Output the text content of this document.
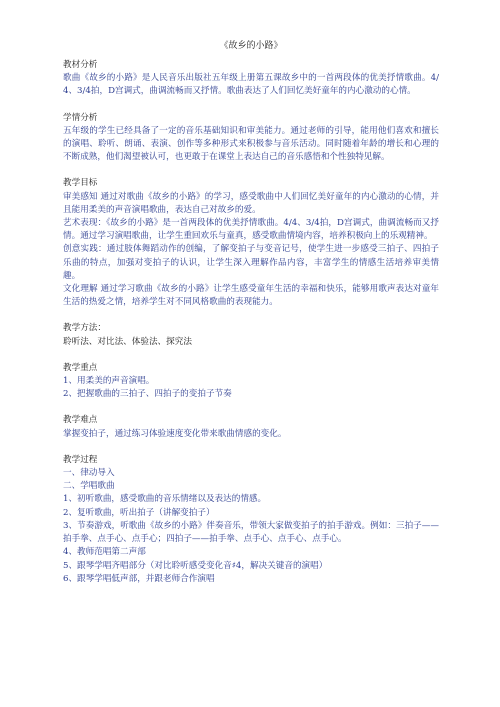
《故乡的小路》

教材分析

歌曲《故乡的小路》是人民音乐出版社五年级上册第五课故乡中的一首两段体的优美抒情歌曲。4/4、3/4拍，D宫调式，曲调流畅而又抒情。歌曲表达了人们回忆美好童年的内心激动的心情。

学情分析

五年级的学生已经具备了一定的音乐基础知识和审美能力。通过老师的引导，能用他们喜欢和擅长的演唱、聆听、朗诵、表演、创作等多种形式来积极参与音乐活动。同时随着年龄的增长和心理的不断成熟，他们渴望被认可，也更敢于在课堂上表达自己的音乐感悟和个性独特见解。

教学目标

审美感知 通过对歌曲《故乡的小路》的学习，感受歌曲中人们回忆美好童年的内心激动的心情，并且能用柔美的声音演唱歌曲，表达自己对故乡的爱。

艺术表现：《故乡的小路》是一首两段体的优美抒情歌曲。4/4、3/4拍，D宫调式，曲调流畅而又抒情。通过学习演唱歌曲，让学生重回欢乐与童真，感受歌曲情境内容，培养积极向上的乐观精神。

创意实践：通过肢体舞蹈动作的创编，了解变拍子与变音记号，使学生进一步感受三拍子、四拍子乐曲的特点，加强对变拍子的认识，让学生深入理解作品内容，丰富学生的情感生活培养审美情趣。

文化理解 通过学习歌曲《故乡的小路》让学生感受童年生活的幸福和快乐，能够用歌声表达对童年生活的热爱之情，培养学生对不同风格歌曲的表现能力。

教学方法：

聆听法、对比法、体验法、探究法

教学重点

1、用柔美的声音演唱。

2、把握歌曲的三拍子、四拍子的变拍子节奏

教学难点

掌握变拍子，通过练习体验速度变化带来歌曲情感的变化。

教学过程

一、律动导入

二、学唱歌曲

1、初听歌曲，感受歌曲的音乐情绪以及表达的情感。

2、复听歌曲，听出拍子（讲解变拍子）

3、节奏游戏，听歌曲《故乡的小路》伴奏音乐，带领大家做变拍子的拍手游戏。例如：三拍子——拍手拳、点手心、点手心；四拍子——拍手拳、点手心、点手心、点手心。

4、教师范唱第二声部

5、跟琴学唱齐唱部分（对比聆听感受变化音♯4，解决关键音的演唱）

6、跟琴学唱低声部，并跟老师合作演唱
